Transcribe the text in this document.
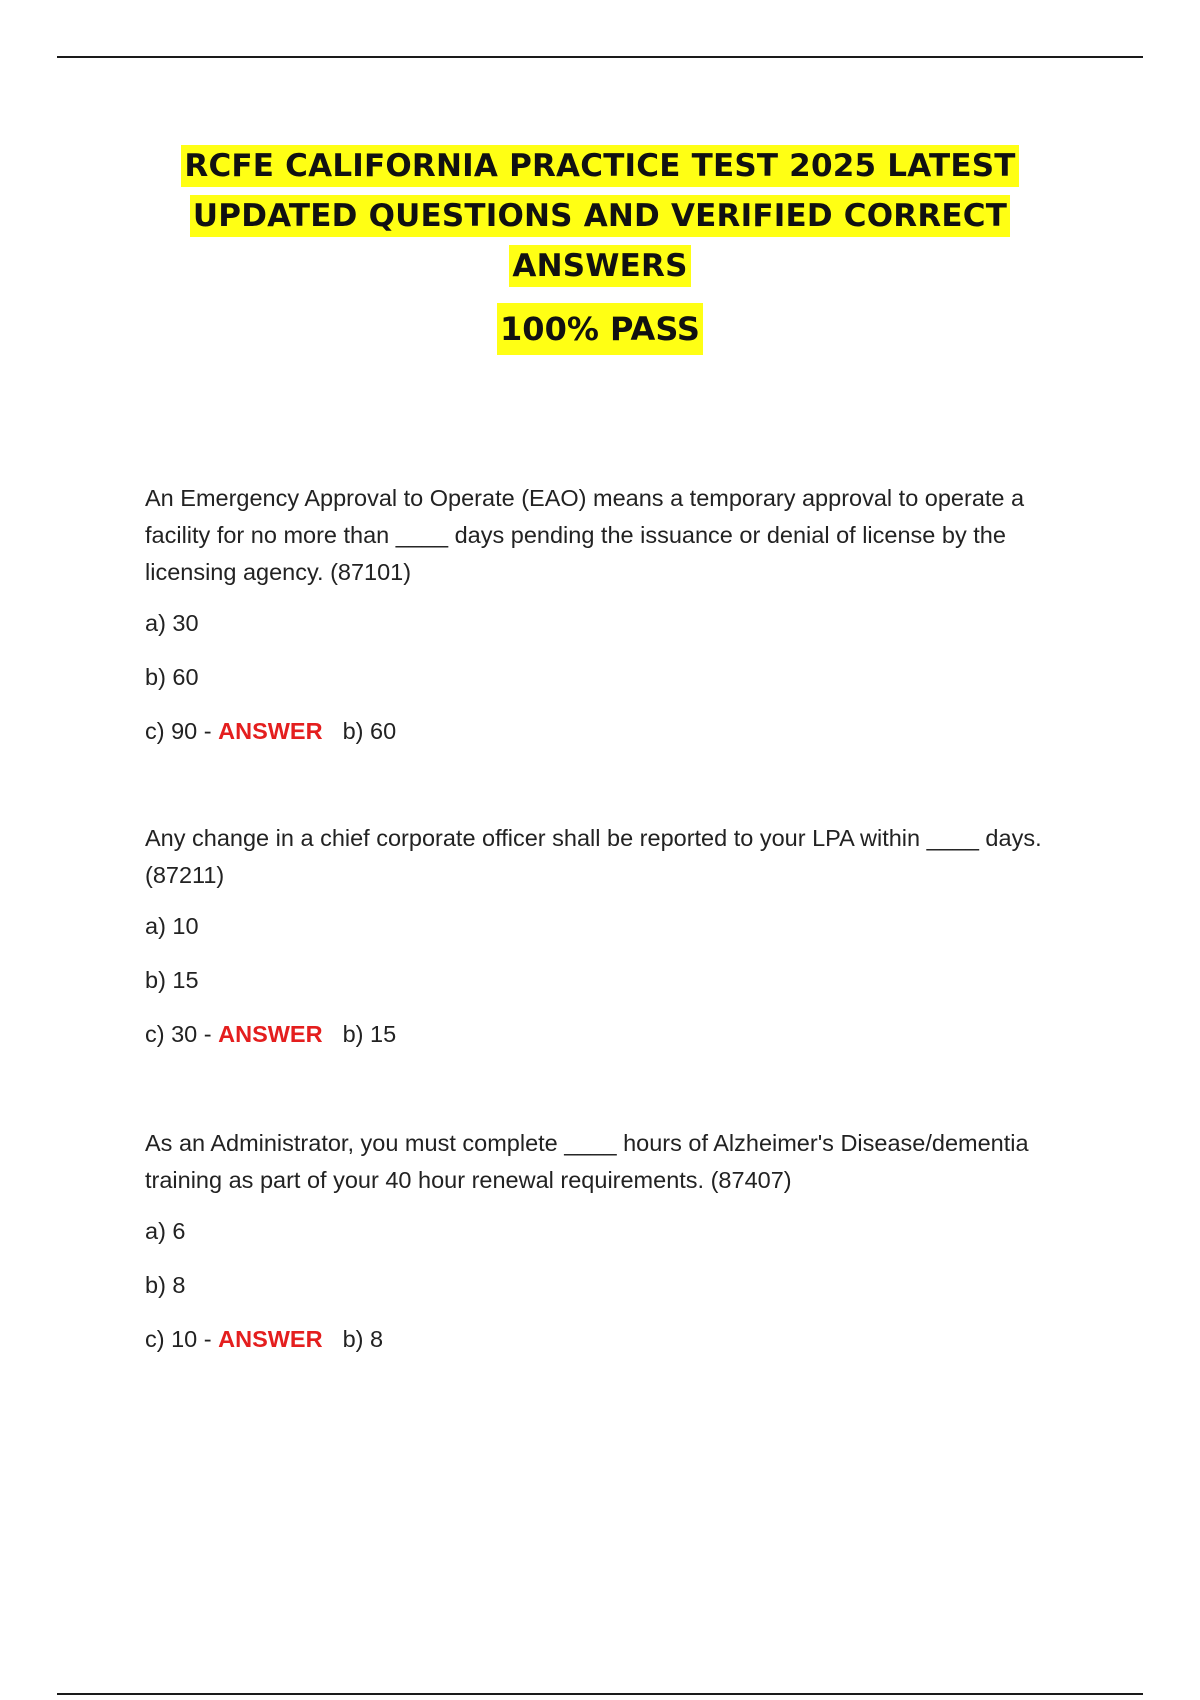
RCFE CALIFORNIA PRACTICE TEST 2025 LATEST
UPDATED QUESTIONS AND VERIFIED CORRECT
ANSWERS
100% PASS

An Emergency Approval to Operate (EAO) means a temporary approval to operate a facility for no more than ____ days pending the issuance or denial of license by the licensing agency. (87101)

a) 30

b) 60

c) 90 - ANSWER b) 60

Any change in a chief corporate officer shall be reported to your LPA within ____ days. (87211)

a) 10

b) 15

c) 30 - ANSWER b) 15

As an Administrator, you must complete ____ hours of Alzheimer's Disease/dementia training as part of your 40 hour renewal requirements. (87407)

a) 6

b) 8

c) 10 - ANSWER b) 8
